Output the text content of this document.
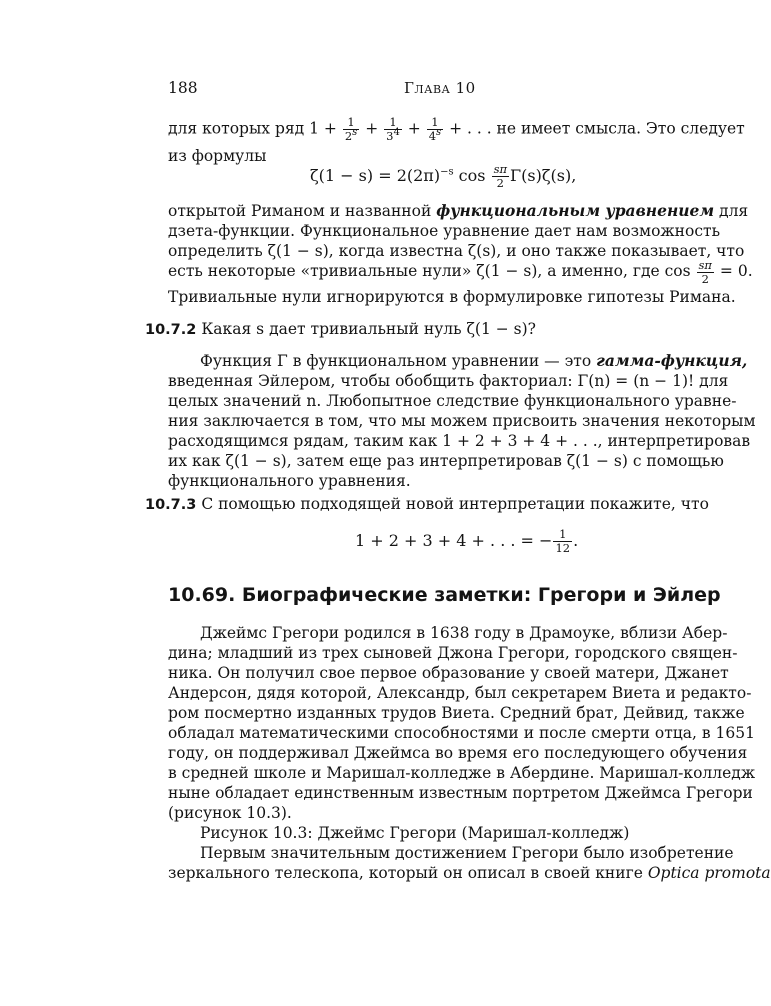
188	Глава 10
для которых ряд $1 + \frac{1}{2s} + \frac{1}{34} + \frac{1}{4s}$ + . . . не имеет смысла. Это следует
из формулы
$\zeta(1 - s) = 2(2\pi)^{-s}$ $\cos \frac{s\pi}{2} \Gamma(s)\zeta(s)$,
открытой Риманом и названной функциональным уравнением для
дзета-функции. Функциональное уравнение дает нам возможность
определить ζ(1 − s), когда известна ζ(s), и оно также показывает, что
есть некоторые «тривиальные нули» ζ(1 − s), а именно, где $\cos \frac{s\pi}{2} = 0$.
Тривиальные нули игнорируются в формулировке гипотезы Римана.
10.7.2 Какая s дает тривиальный нуль ζ(1 − s)?
Функция Γ в функциональном уравнении — это гамма-функция,
введенная Эйлером, чтобы обобщить факториал: Γ(n) = (n − 1)! для
целых значений n. Любопытное следствие функционального уравне-
ния заключается в том, что мы можем присвоить значения некоторым
расходящимся рядам, таким как 1 + 2 + 3 + 4 + . . ., интерпретировав
их как ζ(1 − s), затем еще раз интерпретировав ζ(1 − s) с помощью
функционального уравнения.
10.7.3 С помощью подходящей новой интерпретации покажите, что
1 + 2 + 3 + 4 + . . . = − $\frac{1}{12}$ .
10.69. Биографические заметки: Грегори и Эйлер
Джеймс Грегори родился в 1638 году в Драмоуке, вблизи Абер-
дина; младший из трех сыновей Джона Грегори, городского священ-
ника. Он получил свое первое образование у своей матери, Джанет
Андерсон, дядя которой, Александр, был секретарем Виета и редакто-
ром посмертно изданных трудов Виета. Средний брат, Дейвид, также
обладал математическими способностями и после смерти отца, в 1651
году, он поддерживал Джеймса во время его последующего обучения
в средней школе и Маришал-колледже в Абердине. Маришал-колледж
ныне обладает единственным известным портретом Джеймса Грегори
(рисунок 10.3).
Рисунок 10.3: Джеймс Грегори (Маришал-колледж)
Первым значительным достижением Грегори было изобретение
зеркального телескопа, который он описал в своей книге Optica promota
